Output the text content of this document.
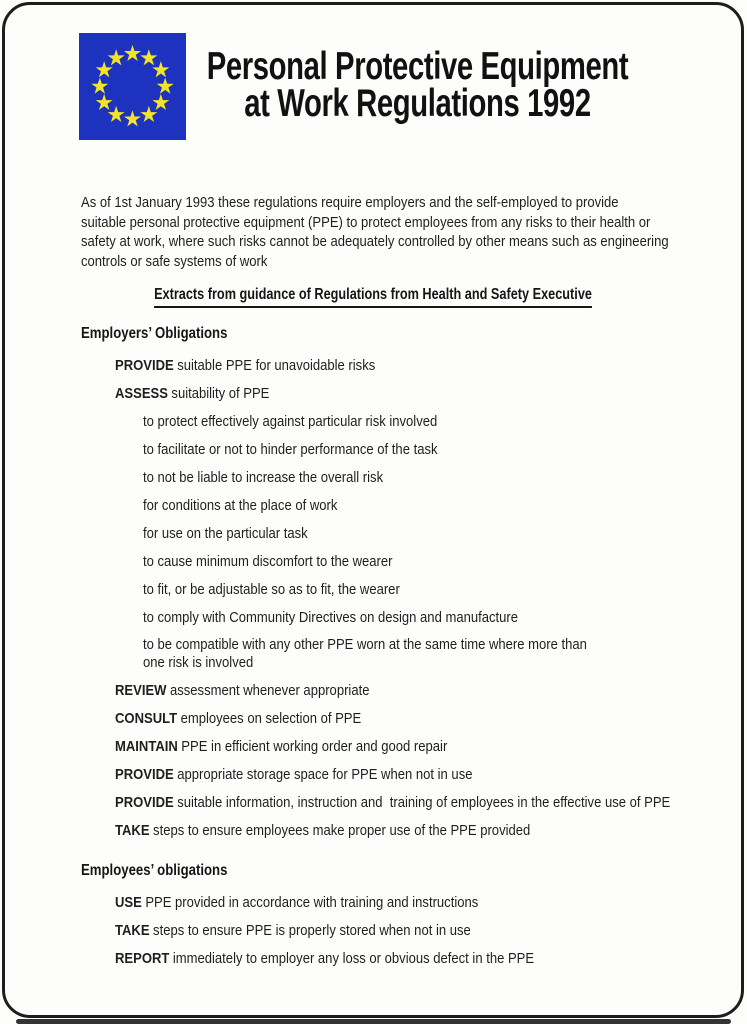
Personal Protective Equipment
at Work Regulations 1992
As of 1st January 1993 these regulations require employers and the self-employed to provide
suitable personal protective equipment (PPE) to protect employees from any risks to their health or
safety at work, where such risks cannot be adequately controlled by other means such as engineering
controls or safe systems of work
Extracts from guidance of Regulations from Health and Safety Executive
Employers’ Obligations
PROVIDE suitable PPE for unavoidable risks
ASSESS suitability of PPE
to protect effectively against particular risk involved
to facilitate or not to hinder performance of the task
to not be liable to increase the overall risk
for conditions at the place of work
for use on the particular task
to cause minimum discomfort to the wearer
to fit, or be adjustable so as to fit, the wearer
to comply with Community Directives on design and manufacture
to be compatible with any other PPE worn at the same time where more than
one risk is involved
REVIEW assessment whenever appropriate
CONSULT employees on selection of PPE
MAINTAIN PPE in efficient working order and good repair
PROVIDE appropriate storage space for PPE when not in use
PROVIDE suitable information, instruction and  training of employees in the effective use of PPE
TAKE steps to ensure employees make proper use of the PPE provided
Employees’ obligations
USE PPE provided in accordance with training and instructions
TAKE steps to ensure PPE is properly stored when not in use
REPORT immediately to employer any loss or obvious defect in the PPE
